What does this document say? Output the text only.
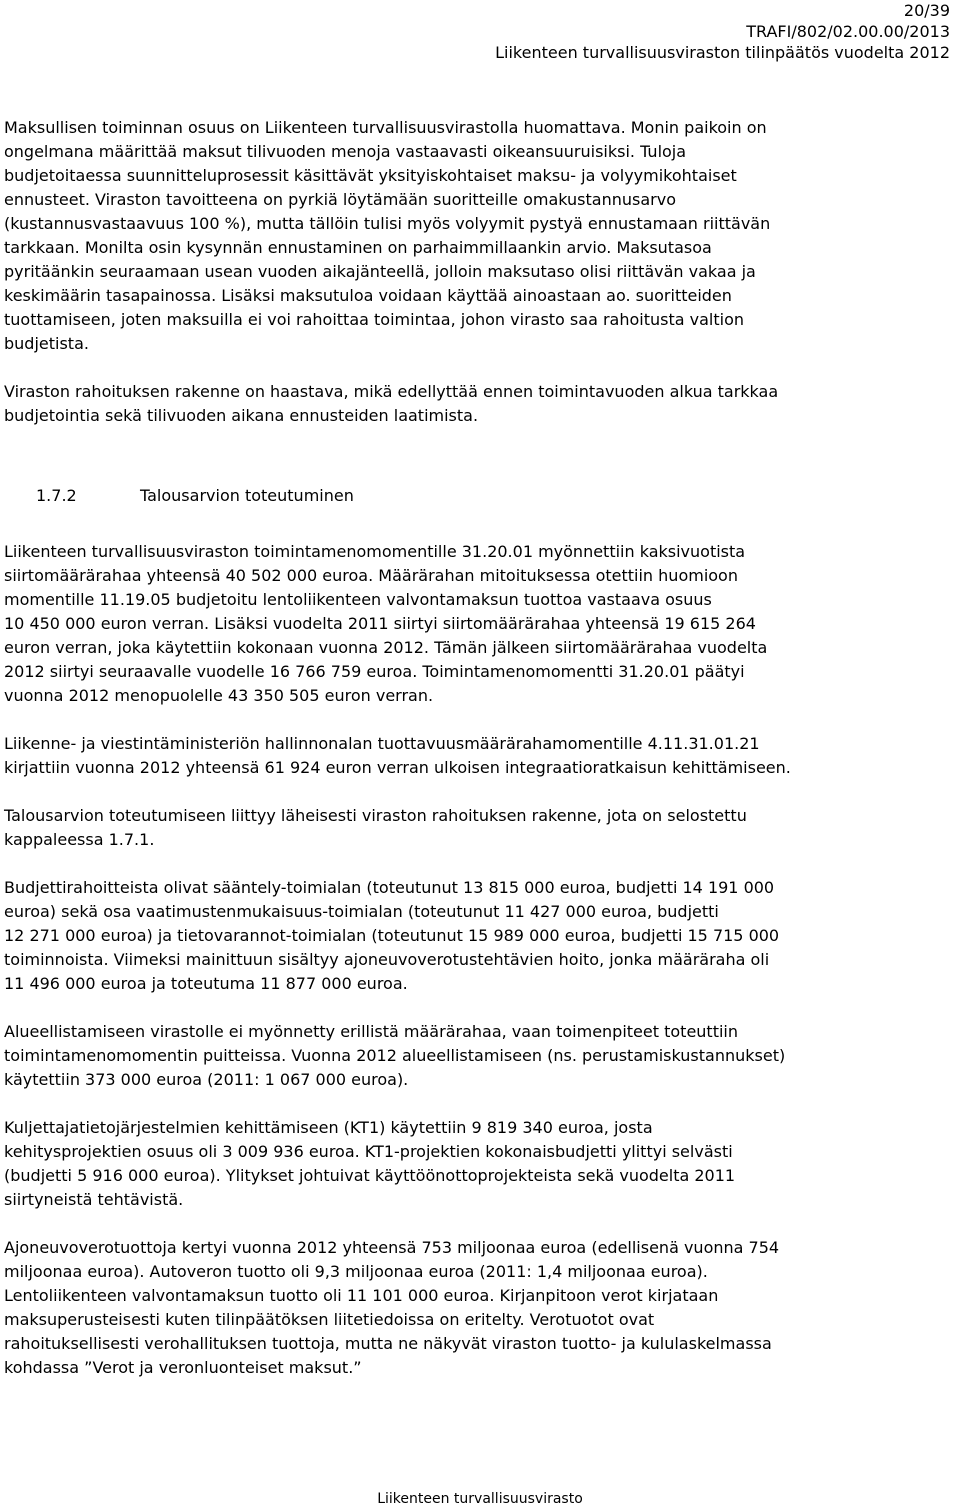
20/39
TRAFI/802/02.00.00/2013
Liikenteen turvallisuusviraston tilinpäätös vuodelta 2012

Maksullisen toiminnan osuus on Liikenteen turvallisuusvirastolla huomattava. Monin paikoin on
ongelmana määrittää maksut tilivuoden menoja vastaavasti oikeansuuruisiksi. Tuloja
budjetoitaessa suunnitteluprosessit käsittävät yksityiskohtaiset maksu- ja volyymikohtaiset
ennusteet. Viraston tavoitteena on pyrkiä löytämään suoritteille omakustannusarvo
(kustannusvastaavuus 100 %), mutta tällöin tulisi myös volyymit pystyä ennustamaan riittävän
tarkkaan. Monilta osin kysynnän ennustaminen on parhaimmillaankin arvio. Maksutasoa
pyritäänkin seuraamaan usean vuoden aikajänteellä, jolloin maksutaso olisi riittävän vakaa ja
keskimäärin tasapainossa. Lisäksi maksutuloa voidaan käyttää ainoastaan ao. suoritteiden
tuottamiseen, joten maksuilla ei voi rahoittaa toimintaa, johon virasto saa rahoitusta valtion
budjetista.

Viraston rahoituksen rakenne on haastava, mikä edellyttää ennen toimintavuoden alkua tarkkaa
budjetointia sekä tilivuoden aikana ennusteiden laatimista.

1.7.2	Talousarvion toteutuminen

Liikenteen turvallisuusviraston toimintamenomomentille 31.20.01 myönnettiin kaksivuotista
siirtomäärärahaa yhteensä 40 502 000 euroa. Määrärahan mitoituksessa otettiin huomioon
momentille 11.19.05 budjetoitu lentoliikenteen valvontamaksun tuottoa vastaava osuus
10 450 000 euron verran. Lisäksi vuodelta 2011 siirtyi siirtomäärärahaa yhteensä 19 615 264
euron verran, joka käytettiin kokonaan vuonna 2012. Tämän jälkeen siirtomäärärahaa vuodelta
2012 siirtyi seuraavalle vuodelle 16 766 759 euroa. Toimintamenomomentti 31.20.01 päätyi
vuonna 2012 menopuolelle 43 350 505 euron verran.

Liikenne- ja viestintäministeriön hallinnonalan tuottavuusmäärärahamomentille 4.11.31.01.21
kirjattiin vuonna 2012 yhteensä 61 924 euron verran ulkoisen integraatioratkaisun kehittämiseen.

Talousarvion toteutumiseen liittyy läheisesti viraston rahoituksen rakenne, jota on selostettu
kappaleessa 1.7.1.

Budjettirahoitteista olivat sääntely-toimialan (toteutunut 13 815 000 euroa, budjetti 14 191 000
euroa) sekä osa vaatimustenmukaisuus-toimialan (toteutunut 11 427 000 euroa, budjetti
12 271 000 euroa) ja tietovarannot-toimialan (toteutunut 15 989 000 euroa, budjetti 15 715 000
toiminnoista. Viimeksi mainittuun sisältyy ajoneuvoverotustehtävien hoito, jonka määräraha oli
11 496 000 euroa ja toteutuma 11 877 000 euroa.

Alueellistamiseen virastolle ei myönnetty erillistä määrärahaa, vaan toimenpiteet toteuttiin
toimintamenomomentin puitteissa. Vuonna 2012 alueellistamiseen (ns. perustamiskustannukset)
käytettiin 373 000 euroa (2011: 1 067 000 euroa).

Kuljettajatietojärjestelmien kehittämiseen (KT1) käytettiin 9 819 340 euroa, josta
kehitysprojektien osuus oli 3 009 936 euroa. KT1-projektien kokonaisbudjetti ylittyi selvästi
(budjetti 5 916 000 euroa). Ylitykset johtuivat käyttöönottoprojekteista sekä vuodelta 2011
siirtyneistä tehtävistä.

Ajoneuvoverotuottoja kertyi vuonna 2012 yhteensä 753 miljoonaa euroa (edellisenä vuonna 754
miljoonaa euroa). Autoveron tuotto oli 9,3 miljoonaa euroa (2011: 1,4 miljoonaa euroa).
Lentoliikenteen valvontamaksun tuotto oli 11 101 000 euroa. Kirjanpitoon verot kirjataan
maksuperusteisesti kuten tilinpäätöksen liitetiedoissa on eritelty. Verotuotot ovat
rahoituksellisesti verohallituksen tuottoja, mutta ne näkyvät viraston tuotto- ja kululaskelmassa
kohdassa ”Verot ja veronluonteiset maksut.”

Liikenteen turvallisuusvirasto
